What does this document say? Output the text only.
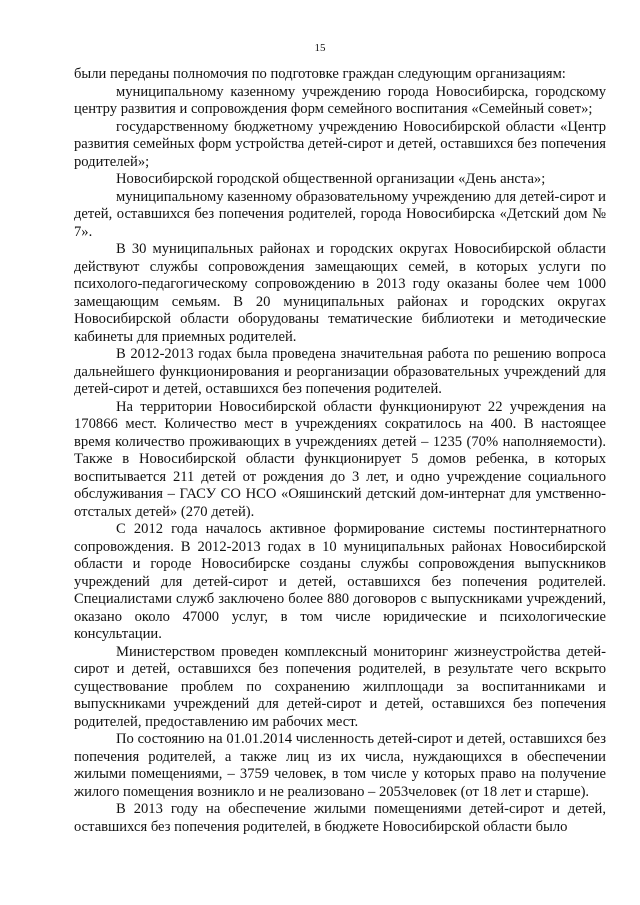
15

были переданы полномочия по подготовке граждан следующим организациям:

муниципальному казенному учреждению города Новосибирска, городскому центру развития и сопровождения форм семейного воспитания «Семейный совет»;

государственному бюджетному учреждению Новосибирской области «Центр развития семейных форм устройства детей-сирот и детей, оставшихся без попечения родителей»;

Новосибирской городской общественной организации «День анста»;

муниципальному казенному образовательному учреждению для детей-сирот и детей, оставшихся без попечения родителей, города Новосибирска «Детский дом № 7».

В 30 муниципальных районах и городских округах Новосибирской области действуют службы сопровождения замещающих семей, в которых услуги по психолого-педагогическому сопровождению в 2013 году оказаны более чем 1000 замещающим семьям. В 20 муниципальных районах и городских округах Новосибирской области оборудованы тематические библиотеки и методические кабинеты для приемных родителей.

В 2012-2013 годах была проведена значительная работа по решению вопроса дальнейшего функционирования и реорганизации образовательных учреждений для детей-сирот и детей, оставшихся без попечения родителей.

На территории Новосибирской области функционируют 22 учреждения на 170866 мест. Количество мест в учреждениях сократилось на 400. В настоящее время количество проживающих в учреждениях детей – 1235 (70% наполняемости). Также в Новосибирской области функционирует 5 домов ребенка, в которых воспитывается 211 детей от рождения до 3 лет, и одно учреждение социального обслуживания – ГАСУ СО НСО «Ояшинский детский дом-интернат для умственно-отсталых детей» (270 детей).

С 2012 года началось активное формирование системы постинтернатного сопровождения. В 2012-2013 годах в 10 муниципальных районах Новосибирской области и городе Новосибирске созданы службы сопровождения выпускников учреждений для детей-сирот и детей, оставшихся без попечения родителей. Специалистами служб заключено более 880 договоров с выпускниками учреждений, оказано около 47000 услуг, в том числе юридические и психологические консультации.

Министерством проведен комплексный мониторинг жизнеустройства детей-сирот и детей, оставшихся без попечения родителей, в результате чего вскрыто существование проблем по сохранению жилплощади за воспитанниками и выпускниками учреждений для детей-сирот и детей, оставшихся без попечения родителей, предоставлению им рабочих мест.

По состоянию на 01.01.2014 численность детей-сирот и детей, оставшихся без попечения родителей, а также лиц из их числа, нуждающихся в обеспечении жилыми помещениями, – 3759 человек, в том числе у которых право на получение жилого помещения возникло и не реализовано – 2053человек (от 18 лет и старше).

В 2013 году на обеспечение жилыми помещениями детей-сирот и детей, оставшихся без попечения родителей, в бюджете Новосибирской области было
